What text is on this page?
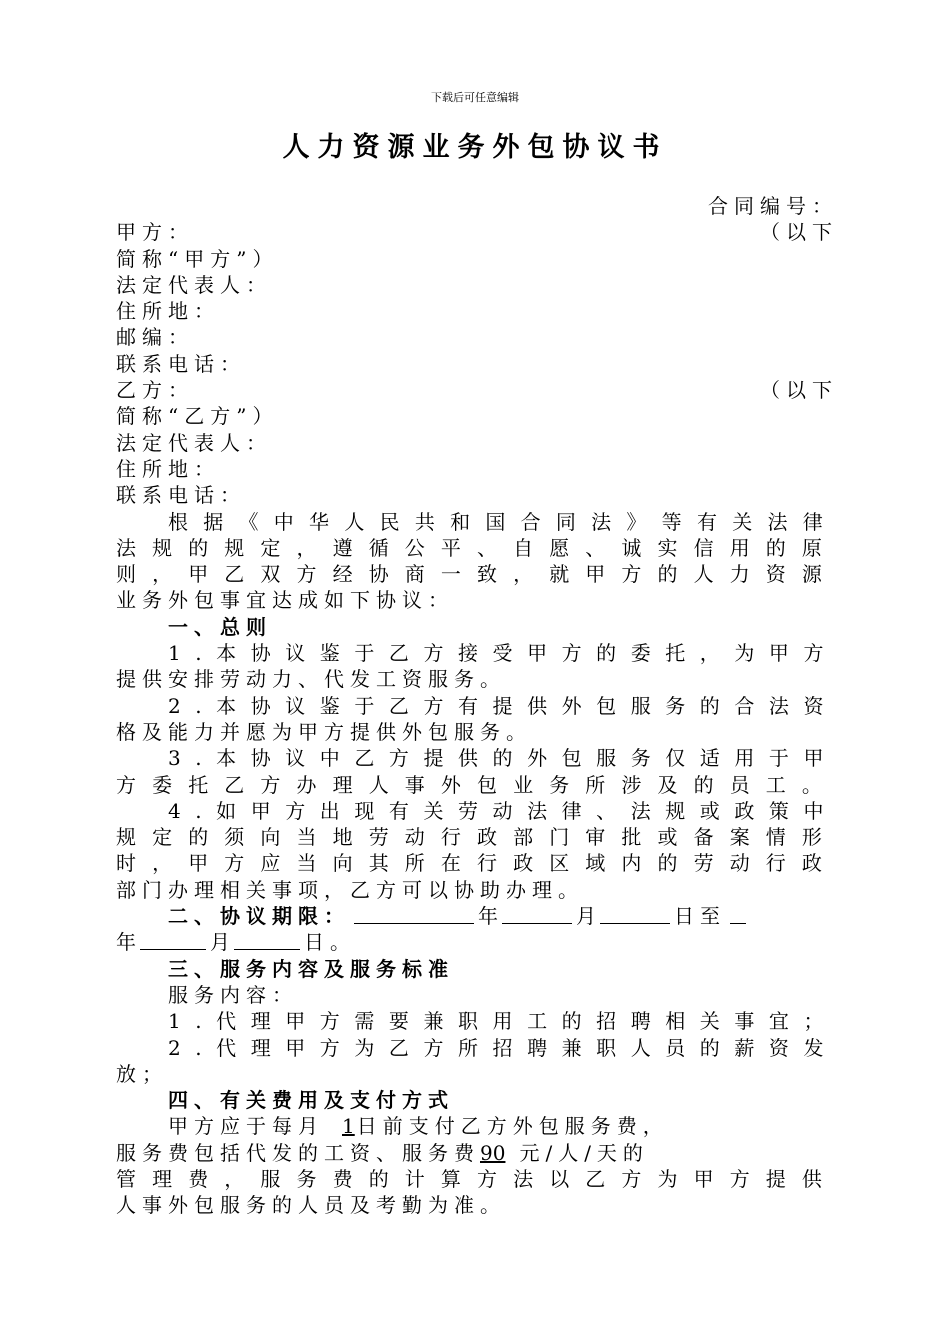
下载后可任意编辑
人力资源业务外包协议书
合同编号：
甲方：	（以下
简称“甲方”）
法定代表人：
住所地：
邮编：
联系电话：
乙方：	（以下
简称“乙方”）
法定代表人：
住所地：
联系电话：
根据《中华人民共和国合同法》等有关法律
法规的规定，遵循公平、自愿、诚实信用的原
则，甲乙双方经协商一致，就甲方的人力资源
业务外包事宜达成如下协议：
一、总则
1.本协议鉴于乙方接受甲方的委托，为甲方
提供安排劳动力、代发工资服务。
2.本协议鉴于乙方有提供外包服务的合法资
格及能力并愿为甲方提供外包服务。
3.本协议中乙方提供的外包服务仅适用于甲
方委托乙方办理人事外包业务所涉及的员工。
4.如甲方出现有关劳动法律、法规或政策中
规定的须向当地劳动行政部门审批或备案情形
时，甲方应当向其所在行政区域内的劳动行政
部门办理相关事项，乙方可以协助办理。
二、协议期限：	年	月	日至
年	月	日。
三、服务内容及服务标准
服务内容：
1.代理甲方需要兼职用工的招聘相关事宜；
2.代理甲方为乙方所招聘兼职人员的薪资发
放；
四、有关费用及支付方式
甲方应于每月 1 日前支付乙方外包服务费，
服务费包括代发的工资、服务费 90 元/人/天的
管理费，服务费的计算方法以乙方为甲方提供
人事外包服务的人员及考勤为准。
